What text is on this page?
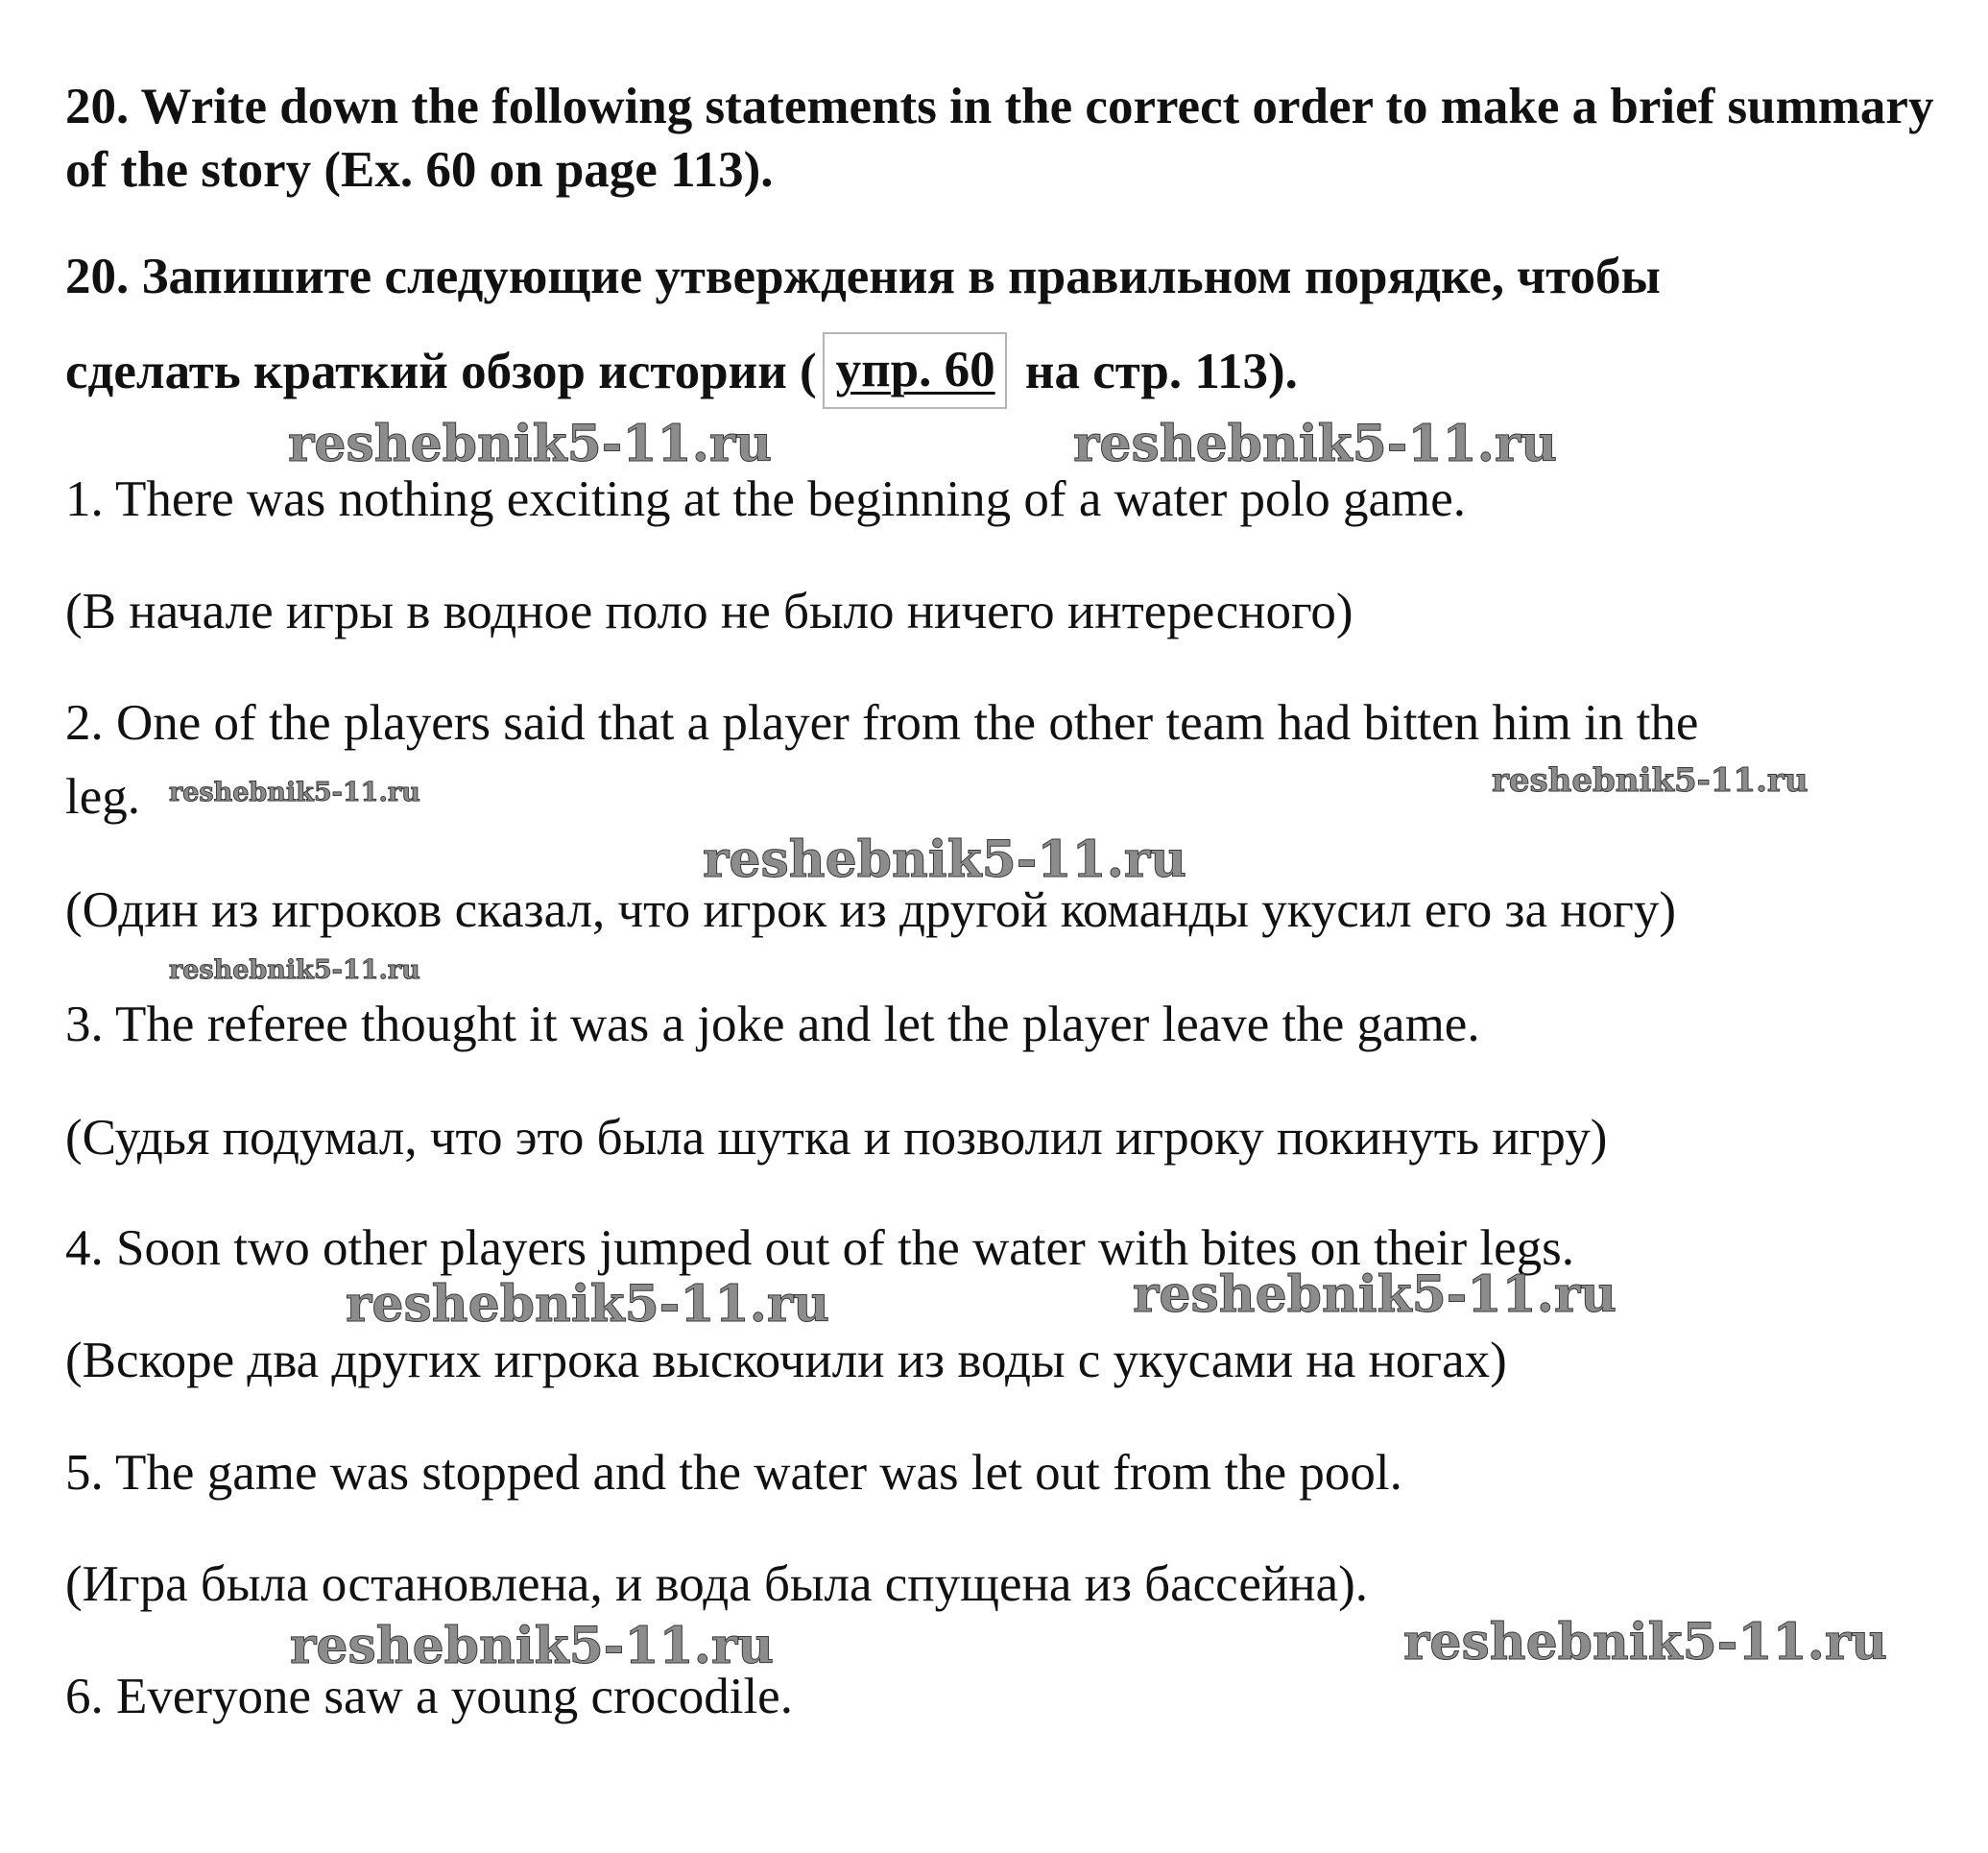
20. Write down the following statements in the correct order to make a brief summary of the story (Ex. 60 on page 113).
20. Запишите следующие утверждения в правильном порядке, чтобы
сделать краткий обзор истории ( упр. 60 на стр. 113).
reshebnik5-11.ru	reshebnik5-11.ru
1. There was nothing exciting at the beginning of a water polo game.
(В начале игры в водное поло не было ничего интересного)
2. One of the players said that a player from the other team had bitten him in the
leg. reshebnik5-11.ru	reshebnik5-11.ru
reshebnik5-11.ru
(Один из игроков сказал, что игрок из другой команды укусил его за ногу)
reshebnik5-11.ru
3. The referee thought it was a joke and let the player leave the game.
(Судья подумал, что это была шутка и позволил игроку покинуть игру)
4. Soon two other players jumped out of the water with bites on their legs.
reshebnik5-11.ru	reshebnik5-11.ru
(Вскоре два других игрока выскочили из воды с укусами на ногах)
5. The game was stopped and the water was let out from the pool.
(Игра была остановлена, и вода была спущена из бассейна).
reshebnik5-11.ru	reshebnik5-11.ru
6. Everyone saw a young crocodile.
